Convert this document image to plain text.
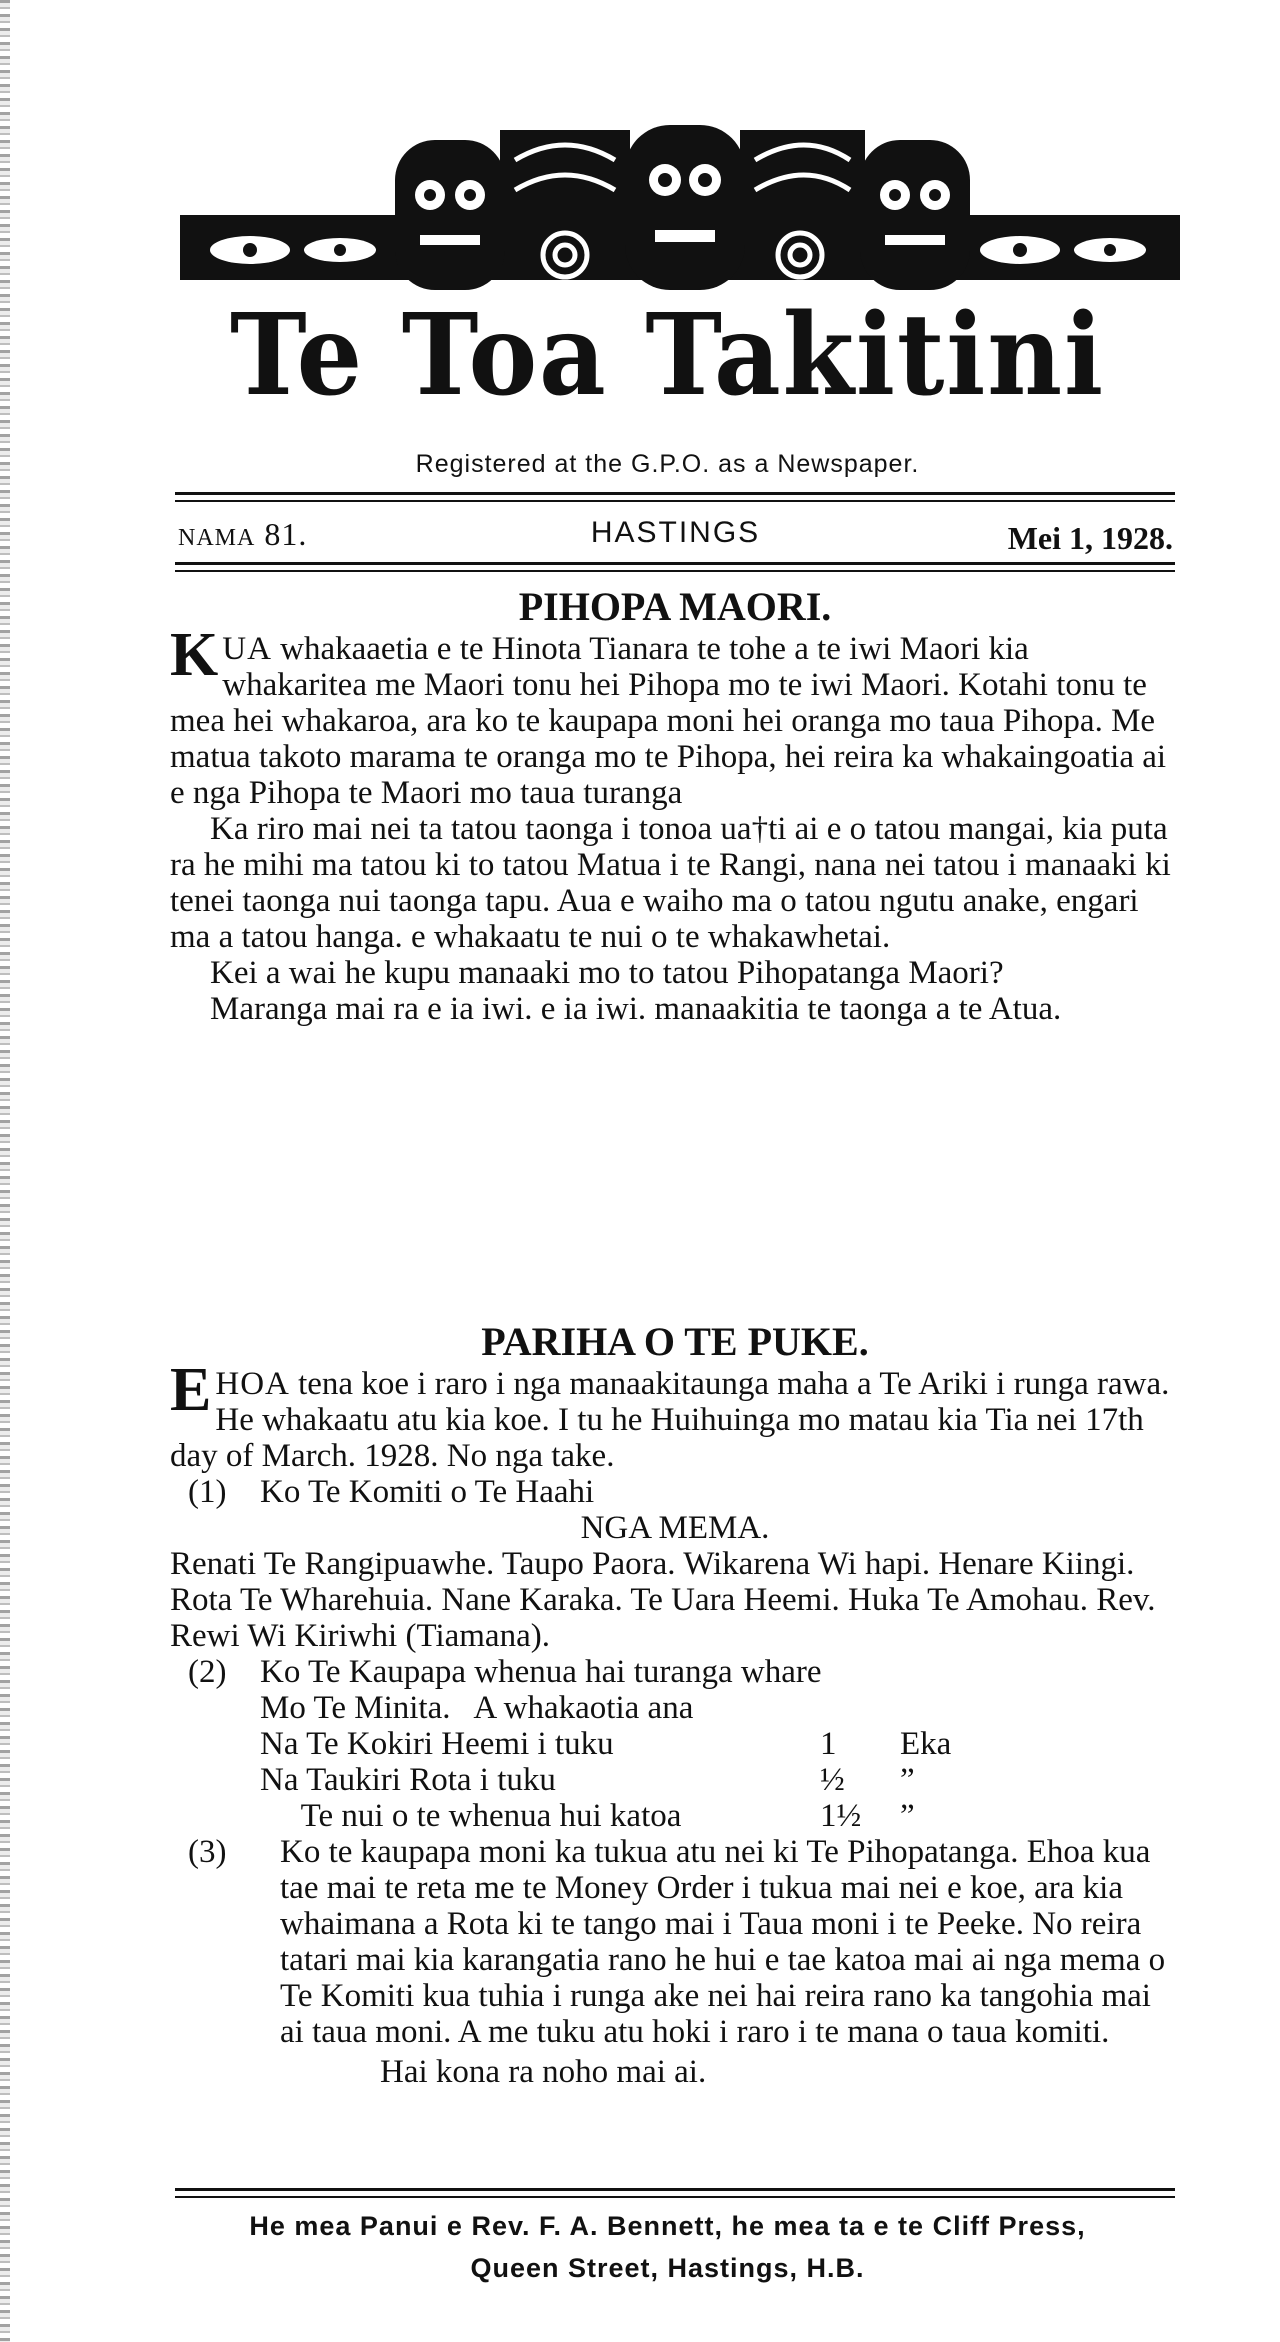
Te Toa Takitini
Registered at the G.P.O. as a Newspaper.
NAMA 81.	HASTINGS	Mei 1, 1928.
PIHOPA MAORI.

KUA whakaaetia e te Hinota Tianara te tohe a te iwi Maori kia whakaritea me Maori tonu hei Pihopa mo te iwi Maori. Kotahi tonu te mea hei whakaroa, ara ko te kaupapa moni hei oranga mo taua Pihopa. Me matua takoto marama te oranga mo te Pihopa, hei reira ka whakaingoatia ai e nga Pihopa te Maori mo taua turanga

Ka riro mai nei ta tatou taonga i tonoa ua†ti ai e o tatou mangai, kia puta ra he mihi ma tatou ki to tatou Matua i te Rangi, nana nei tatou i manaaki ki tenei taonga nui taonga tapu. Aua e waiho ma o tatou ngutu anake, engari ma a tatou hanga. e whakaatu te nui o te whakawhetai.

Kei a wai he kupu manaaki mo to tatou Pihopatanga Maori?

Maranga mai ra e ia iwi. e ia iwi. manaakitia te taonga a te Atua.

PARIHA O TE PUKE.

EHOA tena koe i raro i nga manaakitaunga maha a Te Ariki i runga rawa. He whakaatu atu kia koe. I tu he Huihuinga mo matau kia Tia nei 17th day of March. 1928. No nga take.

(1) Ko Te Komiti o Te Haahi
NGA MEMA.

Renati Te Rangipuawhe. Taupo Paora. Wikarena Wi hapi. Henare Kiingi. Rota Te Wharehuia. Nane Karaka. Te Uara Heemi. Huka Te Amohau. Rev. Rewi Wi Kiriwhi (Tiamana).

(2) Ko Te Kaupapa whenua hai turanga whare
Mo Te Minita.   A whakaotia ana
Na Te Kokiri Heemi i tuku	1	Eka
Na Taukiri Rota i tuku	½	”
Te nui o te whenua hui katoa	1½	”
(3) Ko te kaupapa moni ka tukua atu nei ki Te Pihopatanga. Ehoa kua tae mai te reta me te Money Order i tukua mai nei e koe, ara kia whaimana a Rota ki te tango mai i Taua moni i te Peeke. No reira tatari mai kia karangatia rano he hui e tae katoa mai ai nga mema o Te Komiti kua tuhia i runga ake nei hai reira rano ka tangohia mai ai taua moni. A me tuku atu hoki i raro i te mana o taua komiti.
Hai kona ra noho mai ai.
He mea Panui e Rev. F. A. Bennett, he mea ta e te Cliff Press,
Queen Street, Hastings, H.B.
